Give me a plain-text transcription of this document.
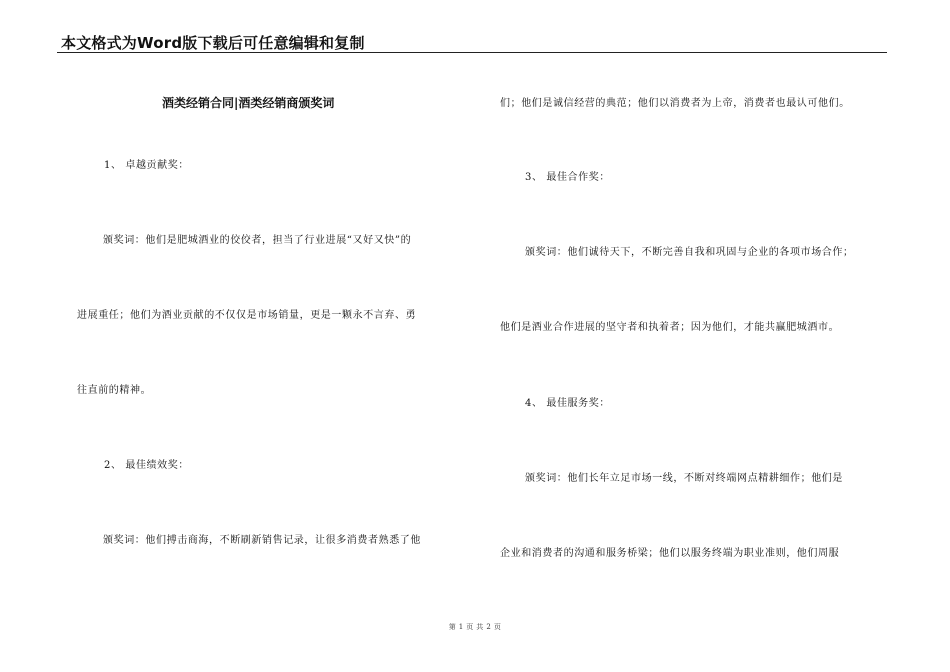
本文格式为Word版下载后可任意编辑和复制
酒类经销合同|酒类经销商颁奖词
1、 卓越贡献奖：
颁奖词：他们是肥城酒业的佼佼者，担当了行业进展“又好又快”的
进展重任；他们为酒业贡献的不仅仅是市场销量，更是一颗永不言弃、勇
往直前的精神。
2、 最佳绩效奖：
颁奖词：他们搏击商海，不断刷新销售记录，让很多消费者熟悉了他
们；他们是诚信经营的典范；他们以消费者为上帝，消费者也最认可他们。
3、 最佳合作奖：
颁奖词：他们诚待天下，不断完善自我和巩固与企业的各项市场合作；
他们是酒业合作进展的坚守者和执着者；因为他们，才能共赢肥城酒市。
4、 最佳服务奖：
颁奖词：他们长年立足市场一线，不断对终端网点精耕细作；他们是
企业和消费者的沟通和服务桥梁；他们以服务终端为职业准则，他们周服
第 1 页 共 2 页
